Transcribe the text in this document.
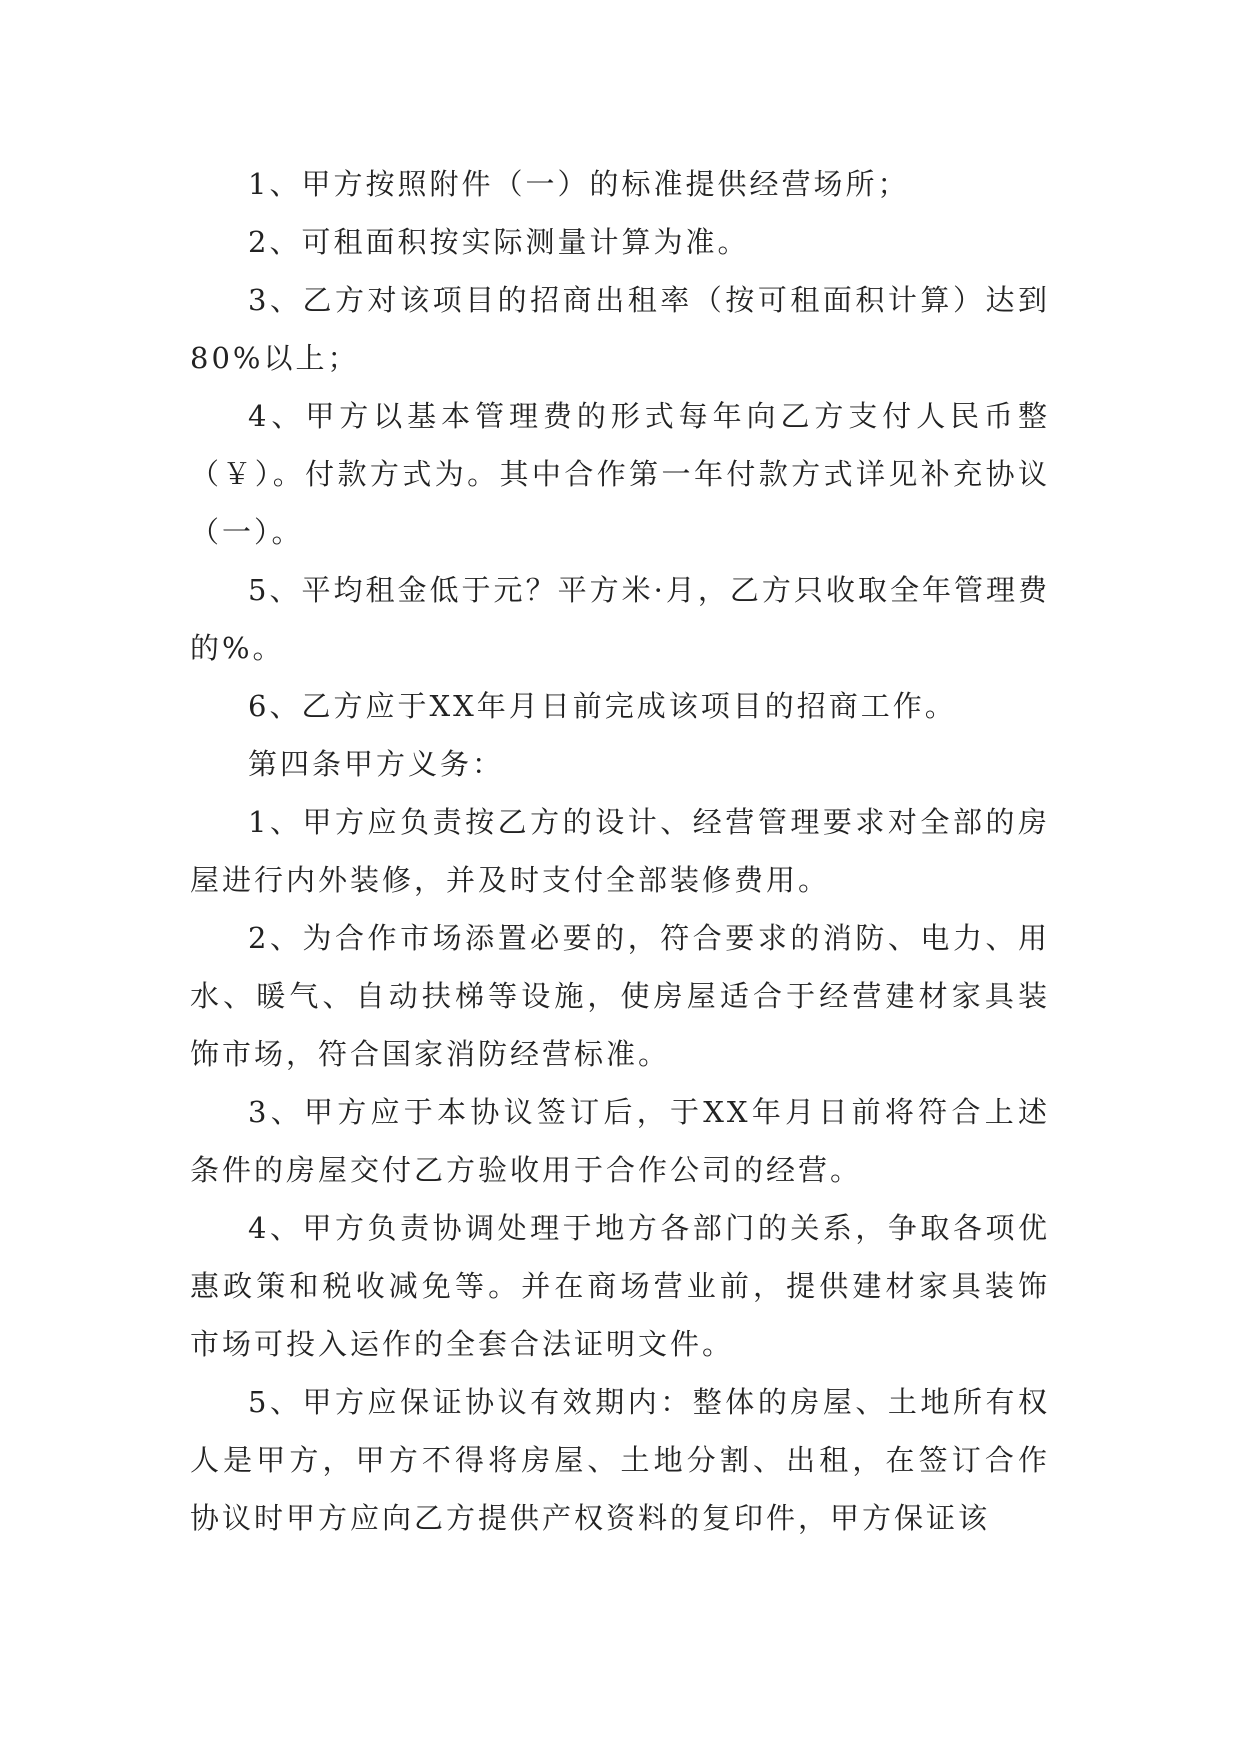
1、甲方按照附件（一）的标准提供经营场所；

2、可租面积按实际测量计算为准。

3、乙方对该项目的招商出租率（按可租面积计算）达到80%以上；

4、甲方以基本管理费的形式每年向乙方支付人民币整（￥）。付款方式为。其中合作第一年付款方式详见补充协议（一）。

5、平均租金低于元？平方米·月，乙方只收取全年管理费的%。

6、乙方应于XX年月日前完成该项目的招商工作。

第四条甲方义务：

1、甲方应负责按乙方的设计、经营管理要求对全部的房屋进行内外装修，并及时支付全部装修费用。

2、为合作市场添置必要的，符合要求的消防、电力、用水、暖气、自动扶梯等设施，使房屋适合于经营建材家具装饰市场，符合国家消防经营标准。

3、甲方应于本协议签订后，于XX年月日前将符合上述条件的房屋交付乙方验收用于合作公司的经营。

4、甲方负责协调处理于地方各部门的关系，争取各项优惠政策和税收减免等。并在商场营业前，提供建材家具装饰市场可投入运作的全套合法证明文件。

5、甲方应保证协议有效期内：整体的房屋、土地所有权人是甲方，甲方不得将房屋、土地分割、出租，在签订合作协议时甲方应向乙方提供产权资料的复印件，甲方保证该
